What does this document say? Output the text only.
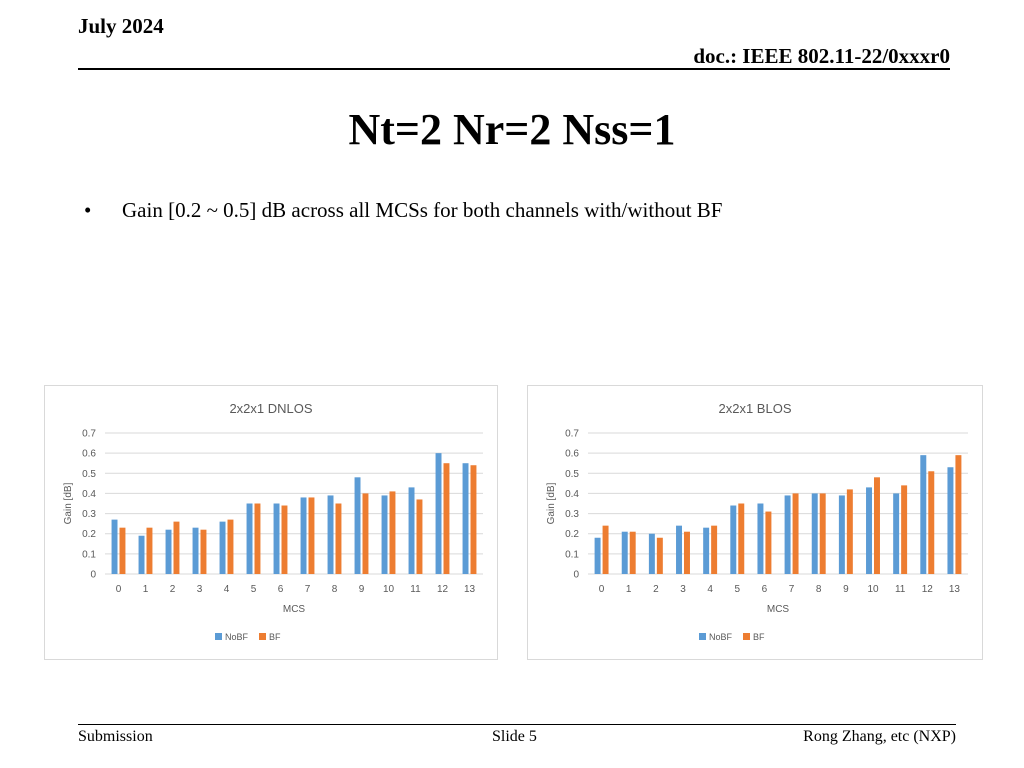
July 2024
doc.: IEEE 802.11-22/0xxxr0
Nt=2 Nr=2 Nss=1
• Gain [0.2 ~ 0.5] dB across all MCSs for both channels with/without BF
2x2x1 DNLOS
0
0.1
0.2
0.3
0.4
0.5
0.6
0.7
Gain [dB]
0 1 2 3 4 5 6 7 8 9 10 11 12 13
MCS
NoBF BF
2x2x1 BLOS
0
0.1
0.2
0.3
0.4
0.5
0.6
0.7
Gain [dB]
0 1 2 3 4 5 6 7 8 9 10 11 12 13
MCS
NoBF BF
Submission	Slide 5	Rong Zhang, etc (NXP)
